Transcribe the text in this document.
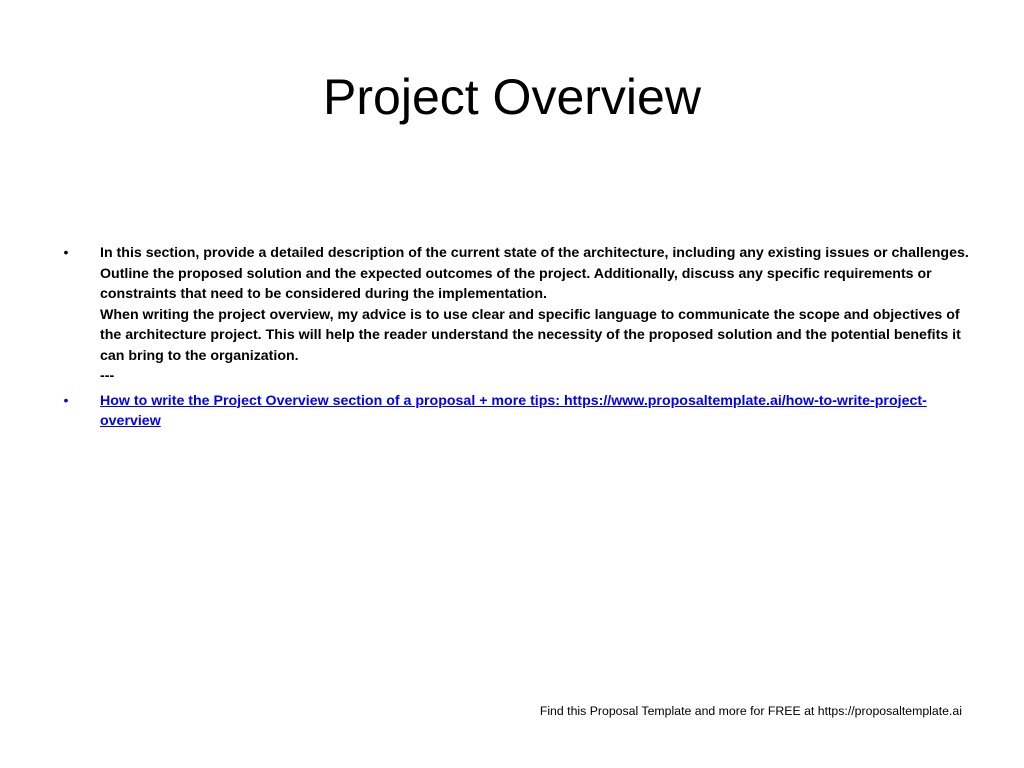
Project Overview
• In this section, provide a detailed description of the current state of the architecture, including any existing issues or challenges. Outline the proposed solution and the expected outcomes of the project. Additionally, discuss any specific requirements or constraints that need to be considered during the implementation.
When writing the project overview, my advice is to use clear and specific language to communicate the scope and objectives of the architecture project. This will help the reader understand the necessity of the proposed solution and the potential benefits it can bring to the organization.
---
• How to write the Project Overview section of a proposal + more tips: https://www.proposaltemplate.ai/how-to-write-project-overview
Find this Proposal Template and more for FREE at https://proposaltemplate.ai
